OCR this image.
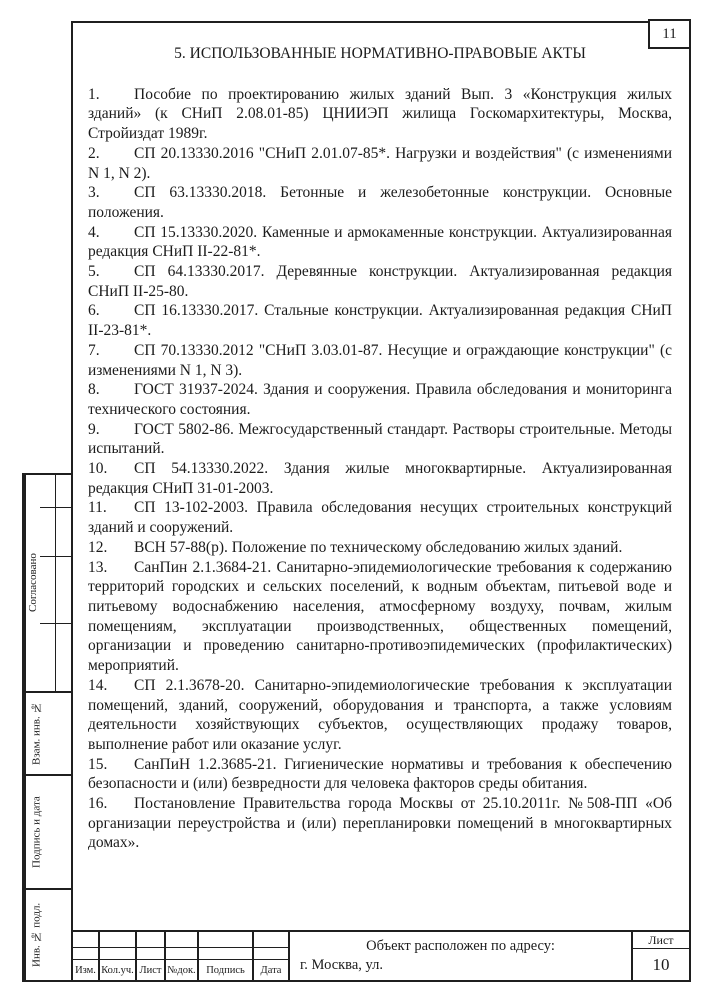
11
5. ИСПОЛЬЗОВАННЫЕ НОРМАТИВНО-ПРАВОВЫЕ АКТЫ

1. Пособие по проектированию жилых зданий Вып. 3 «Конструкция жилых зданий» (к СНиП 2.08.01-85) ЦНИИЭП жилища Госкомархитектуры, Москва, Стройиздат 1989г.

2. СП 20.13330.2016 "СНиП 2.01.07-85*. Нагрузки и воздействия" (с изменениями N 1, N 2).

3. СП 63.13330.2018. Бетонные и железобетонные конструкции. Основные положения.

4. СП 15.13330.2020. Каменные и армокаменные конструкции. Актуализированная редакция СНиП II-22-81*.

5. СП 64.13330.2017. Деревянные конструкции. Актуализированная редакция СНиП II-25-80.

6. СП 16.13330.2017. Стальные конструкции. Актуализированная редакция СНиП II-23-81*.

7. СП 70.13330.2012 "СНиП 3.03.01-87. Несущие и ограждающие конструкции" (с изменениями N 1, N 3).

8. ГОСТ 31937-2024. Здания и сооружения. Правила обследования и мониторинга технического состояния.

9. ГОСТ 5802-86. Межгосударственный стандарт. Растворы строительные. Методы испытаний.

10. СП 54.13330.2022. Здания жилые многоквартирные. Актуализированная редакция СНиП 31-01-2003.

11. СП 13-102-2003. Правила обследования несущих строительных конструкций зданий и сооружений.

12. ВСН 57-88(р). Положение по техническому обследованию жилых зданий.

13. СанПин 2.1.3684-21. Санитарно-эпидемиологические требования к содержанию территорий городских и сельских поселений, к водным объектам, питьевой воде и питьевому водоснабжению населения, атмосферному воздуху, почвам, жилым помещениям, эксплуатации производственных, общественных помещений, организации и проведению санитарно-противоэпидемических (профилактических) мероприятий.

14. СП 2.1.3678-20. Санитарно-эпидемиологические требования к эксплуатации помещений, зданий, сооружений, оборудования и транспорта, а также условиям деятельности хозяйствующих субъектов, осуществляющих продажу товаров, выполнение работ или оказание услуг.

15. СанПиН 1.2.3685-21. Гигиенические нормативы и требования к обеспечению безопасности и (или) безвредности для человека факторов среды обитания.

16. Постановление Правительства города Москвы от 25.10.2011г. №508-ПП «Об организации переустройства и (или) перепланировки помещений в многоквартирных домах».

Согласовано
Взам. инв. №
Подпись и дата
Инв. № подл.
Изм. Кол.уч. Лист №док.	Подпись	Дата
Объект расположен по адресу:
г. Москва, ул.
Лист
10
